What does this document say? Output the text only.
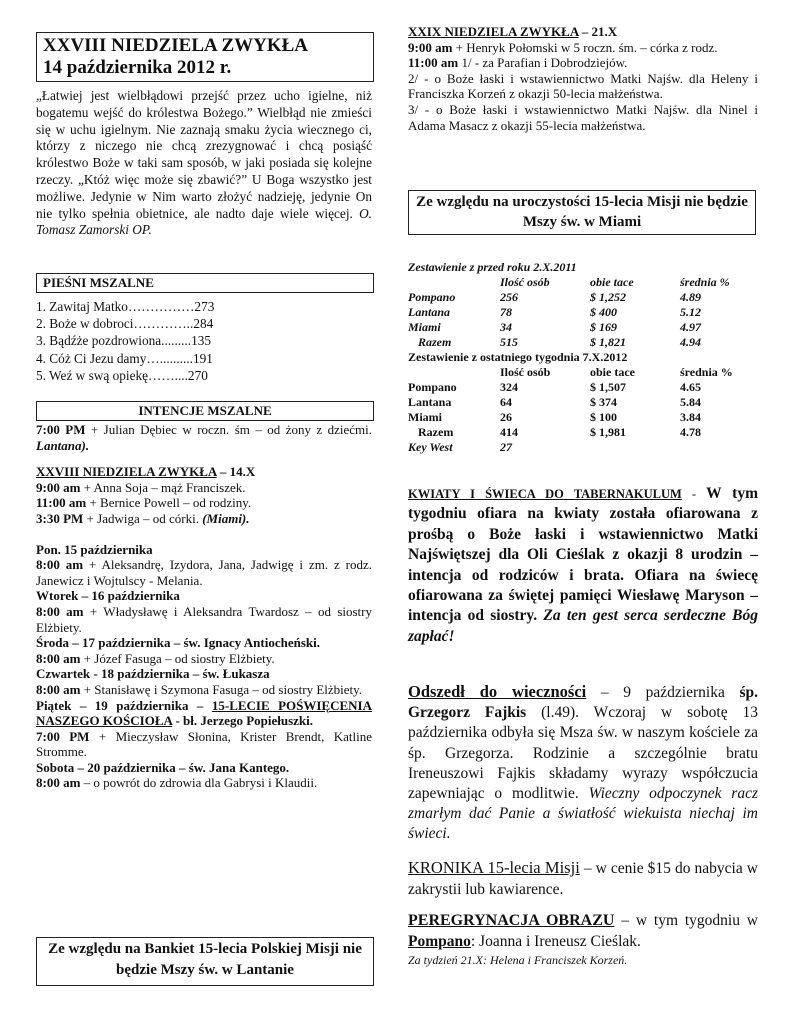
XXVIII NIEDZIELA ZWYKŁA
14 października 2012 r.

„Łatwiej jest wielbłądowi przejść przez ucho igielne, niż bogatemu wejść do królestwa Bożego.” Wielbłąd nie zmieści się w uchu igielnym. Nie zaznają smaku życia wiecznego ci, którzy z niczego nie chcą zrezygnować i chcą posiąść królestwo Boże w taki sam sposób, w jaki posiada się kolejne rzeczy. „Któż więc może się zbawić?” U Boga wszystko jest możliwe. Jedynie w Nim warto złożyć nadzieję, jedynie On nie tylko spełnia obietnice, ale nadto daje wiele więcej. O. Tomasz Zamorski OP.

PIEŚNI MSZALNE
1. Zawitaj Matko……………273
2. Boże w dobroci…………..284
3. Bądźże pozdrowiona.........135
4. Cóż Ci Jezu damy…..........191
5. Weź w swą opiekę……....270
INTENCJE MSZALNE

7:00 PM + Julian Dębiec w roczn. śm – od żony z dziećmi. Lantana).

XXVIII NIEDZIELA ZWYKŁA – 14.X

9:00 am + Anna Soja – mąż Franciszek.

11:00 am + Bernice Powell – od rodziny.

3:30 PM + Jadwiga – od córki. (Miami).

Pon. 15 października

8:00 am + Aleksandrę, Izydora, Jana, Jadwigę i zm. z rodz. Janewicz i Wojtulscy - Melania.

Wtorek – 16 października

8:00 am + Władysławę i Aleksandra Twardosz – od siostry Elżbiety.

Środa – 17 października – św. Ignacy Antiocheński.

8:00 am + Józef Fasuga – od siostry Elżbiety.

Czwartek - 18 października – św. Łukasza

8:00 am + Stanisławę i Szymona Fasuga – od siostry Elżbiety.

Piątek – 19 października – 15-LECIE POŚWIĘCENIA NASZEGO KOŚCIOŁA - bł. Jerzego Popiełuszki.

7:00 PM + Mieczysław Słonina, Krister Brendt, Katline Stromme.

Sobota – 20 października – św. Jana Kantego.

8:00 am – o powrót do zdrowia dla Gabrysi i Klaudii.

Ze względu na Bankiet 15-lecia Polskiej Misji nie będzie Mszy św. w Lantanie

XXIX NIEDZIELA ZWYKŁA – 21.X

9:00 am + Henryk Połomski w 5 roczn. śm. – córka z rodz.

11:00 am 1/ - za Parafian i Dobrodziejów.

2/ - o Boże łaski i wstawiennictwo Matki Najśw. dla Heleny i Franciszka Korzeń z okazji 50-lecia małżeństwa.

3/ - o Boże łaski i wstawiennictwo Matki Najśw. dla Ninel i Adama Masacz z okazji 55-lecia małżeństwa.

Ze względu na uroczystości 15-lecia Misji nie będzie Mszy św. w Miami
Zestawienie z przed roku 2.X.2011
	Ilość osób	obie tace	średnia %
Pompano	256	$ 1,252	4.89
Lantana	78	$ 400	5.12
Miami	34	$ 169	4.97
Razem	515	$ 1,821	4.94
Zestawienie z ostatniego tygodnia 7.X.2012
	Ilość osób	obie tace	średnia %
Pompano	324	$ 1,507	4.65
Lantana	64	$ 374	5.84
Miami	26	$ 100	3.84
Razem	414	$ 1,981	4.78
Key West	27		

KWIATY I ŚWIECA DO TABERNAKULUM - W tym tygodniu ofiara na kwiaty została ofiarowana z prośbą o Boże łaski i wstawiennictwo Matki Najświętszej dla Oli Cieślak z okazji 8 urodzin – intencja od rodziców i brata. Ofiara na świecę ofiarowana za świętej pamięci Wiesławę Maryson – intencja od siostry. Za ten gest serca serdeczne Bóg zapłać!

Odszedł do wieczności – 9 października śp. Grzegorz Fajkis (l.49). Wczoraj w sobotę 13 października odbyła się Msza św. w naszym kościele za śp. Grzegorza. Rodzinie a szczególnie bratu Ireneuszowi Fajkis składamy wyrazy współczucia zapewniając o modlitwie. Wieczny odpoczynek racz zmarłym dać Panie a światłość wiekuista niechaj im świeci.

KRONIKA 15-lecia Misji – w cenie $15 do nabycia w zakrystii lub kawiarence.

PEREGRYNACJA OBRAZU – w tym tygodniu w Pompano: Joanna i Ireneusz Cieślak.

Za tydzień 21.X: Helena i Franciszek Korzeń.
